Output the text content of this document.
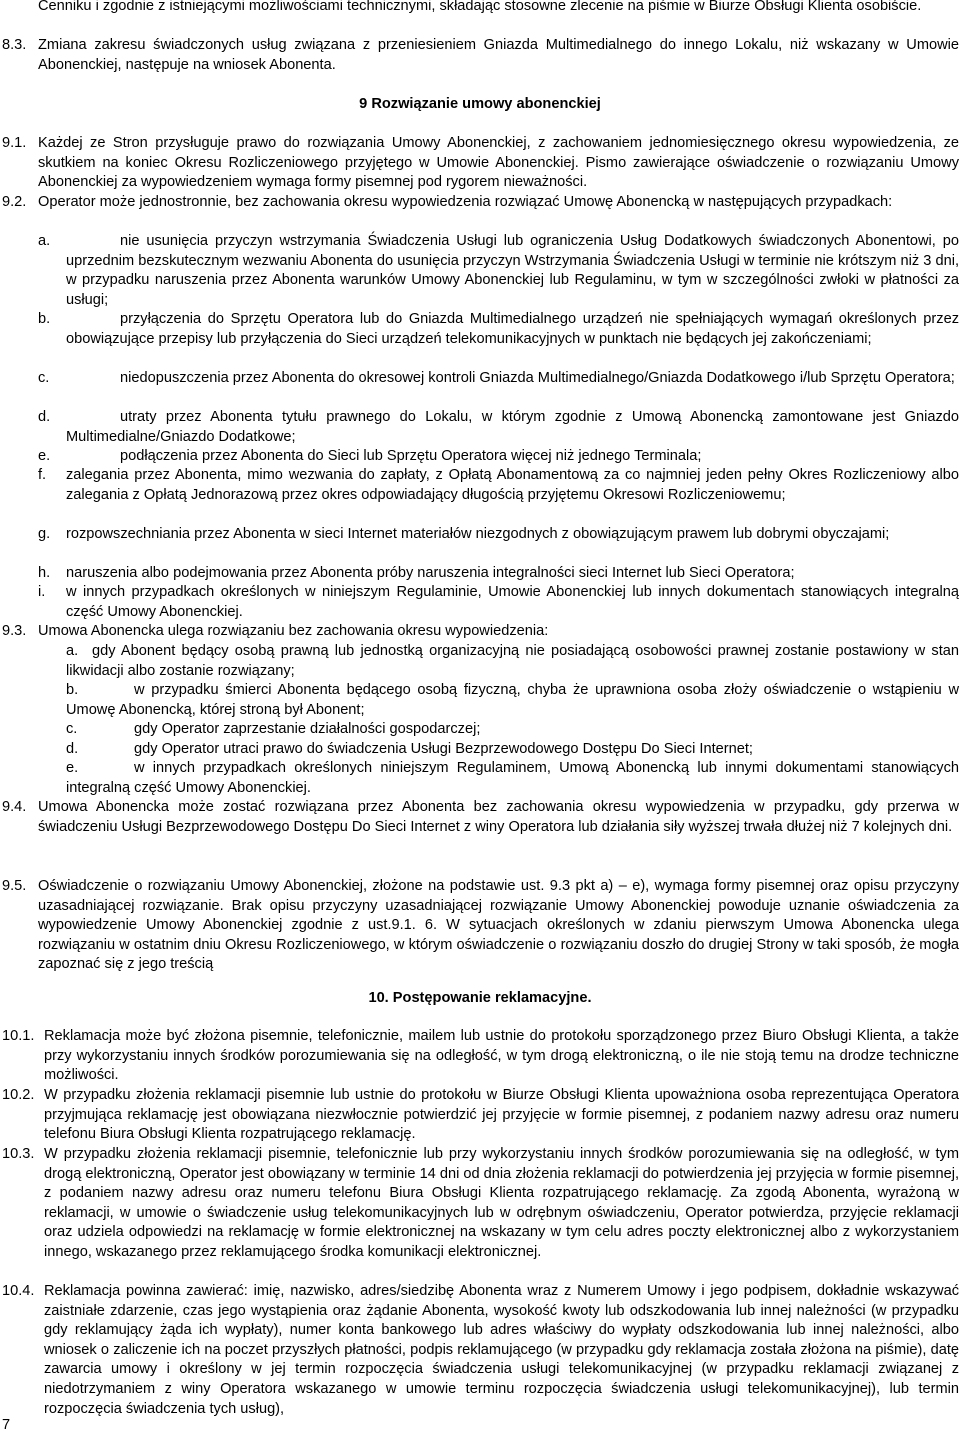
Cenniku i zgodnie z istniejącymi możliwościami technicznymi, składając stosowne zlecenie na piśmie w Biurze Obsługi Klienta osobiście.
8.3. Zmiana zakresu świadczonych usług związana z przeniesieniem Gniazda Multimedialnego do innego Lokalu, niż wskazany w Umowie Abonenckiej, następuje na wniosek Abonenta.
9 Rozwiązanie umowy abonenckiej
9.1. Każdej ze Stron przysługuje prawo do rozwiązania Umowy Abonenckiej, z zachowaniem jednomiesięcznego okresu wypowiedzenia, ze skutkiem na koniec Okresu Rozliczeniowego przyjętego w Umowie Abonenckiej. Pismo zawierające oświadczenie o rozwiązaniu Umowy Abonenckiej za wypowiedzeniem wymaga formy pisemnej pod rygorem nieważności.
9.2. Operator może jednostronnie, bez zachowania okresu wypowiedzenia rozwiązać Umowę Abonencką w następujących przypadkach:
a.	nie usunięcia przyczyn wstrzymania Świadczenia Usługi lub ograniczenia Usług Dodatkowych świadczonych Abonentowi, po uprzednim bezskutecznym wezwaniu Abonenta do usunięcia przyczyn Wstrzymania Świadczenia Usługi w terminie nie krótszym niż 3 dni, w przypadku naruszenia przez Abonenta warunków Umowy Abonenckiej lub Regulaminu, w tym w szczególności zwłoki w płatności za usługi;
b.	przyłączenia do Sprzętu Operatora lub do Gniazda Multimedialnego urządzeń nie spełniających wymagań określonych przez obowiązujące przepisy lub przyłączenia do Sieci urządzeń telekomunikacyjnych w punktach nie będących jej zakończeniami;
c.	niedopuszczenia przez Abonenta do okresowej kontroli Gniazda Multimedialnego/Gniazda Dodatkowego i/lub Sprzętu Operatora;
d.	utraty przez Abonenta tytułu prawnego do Lokalu, w którym zgodnie z Umową Abonencką zamontowane jest Gniazdo Multimedialne/Gniazdo Dodatkowe;
e.	podłączenia przez Abonenta do Sieci lub Sprzętu Operatora więcej niż jednego Terminala;
f. zalegania przez Abonenta, mimo wezwania do zapłaty, z Opłatą Abonamentową za co najmniej jeden pełny Okres Rozliczeniowy albo zalegania z Opłatą Jednorazową przez okres odpowiadający długością przyjętemu Okresowi Rozliczeniowemu;
g. rozpowszechniania przez Abonenta w sieci Internet materiałów niezgodnych z obowiązującym prawem lub dobrymi obyczajami;
h. naruszenia albo podejmowania przez Abonenta próby naruszenia integralności sieci Internet lub Sieci Operatora;
i. w innych przypadkach określonych w niniejszym Regulaminie, Umowie Abonenckiej lub innych dokumentach stanowiących integralną część Umowy Abonenckiej.
9.3. Umowa Abonencka ulega rozwiązaniu bez zachowania okresu wypowiedzenia:
a. gdy Abonent będący osobą prawną lub jednostką organizacyjną nie posiadającą osobowości prawnej zostanie postawiony w stan likwidacji albo zostanie rozwiązany;
b.	w przypadku śmierci Abonenta będącego osobą fizyczną, chyba że uprawniona osoba złoży oświadczenie o wstąpieniu w Umowę Abonencką, której stroną był Abonent;
c.	gdy Operator zaprzestanie działalności gospodarczej;
d.	gdy Operator utraci prawo do świadczenia Usługi Bezprzewodowego Dostępu Do Sieci Internet;
e.	w innych przypadkach określonych niniejszym Regulaminem, Umową Abonencką lub innymi dokumentami stanowiących integralną część Umowy Abonenckiej.
9.4. Umowa Abonencka może zostać rozwiązana przez Abonenta bez zachowania okresu wypowiedzenia w przypadku, gdy przerwa w świadczeniu Usługi Bezprzewodowego Dostępu Do Sieci Internet z winy Operatora lub działania siły wyższej trwała dłużej niż 7 kolejnych dni.
9.5. Oświadczenie o rozwiązaniu Umowy Abonenckiej, złożone na podstawie ust. 9.3 pkt a) – e), wymaga formy pisemnej oraz opisu przyczyny uzasadniającej rozwiązanie. Brak opisu przyczyny uzasadniającej rozwiązanie Umowy Abonenckiej powoduje uznanie oświadczenia za wypowiedzenie Umowy Abonenckiej zgodnie z ust.9.1. 6. W sytuacjach określonych w zdaniu pierwszym Umowa Abonencka ulega rozwiązaniu w ostatnim dniu Okresu Rozliczeniowego, w którym oświadczenie o rozwiązaniu doszło do drugiej Strony w taki sposób, że mogła zapoznać się z jego treścią
10. Postępowanie reklamacyjne.
10.1. Reklamacja może być złożona pisemnie, telefonicznie, mailem lub ustnie do protokołu sporządzonego przez Biuro Obsługi Klienta, a także przy wykorzystaniu innych środków porozumiewania się na odległość, w tym drogą elektroniczną, o ile nie stoją temu na drodze techniczne możliwości.
10.2. W przypadku złożenia reklamacji pisemnie lub ustnie do protokołu w Biurze Obsługi Klienta upoważniona osoba reprezentująca Operatora przyjmująca reklamację jest obowiązana niezwłocznie potwierdzić jej przyjęcie w formie pisemnej, z podaniem nazwy adresu oraz numeru telefonu Biura Obsługi Klienta rozpatrującego reklamację.
10.3. W przypadku złożenia reklamacji pisemnie, telefonicznie lub przy wykorzystaniu innych środków porozumiewania się na odległość, w tym drogą elektroniczną, Operator jest obowiązany w terminie 14 dni od dnia złożenia reklamacji do potwierdzenia jej przyjęcia w formie pisemnej, z podaniem nazwy adresu oraz numeru telefonu Biura Obsługi Klienta rozpatrującego reklamację. Za zgodą Abonenta, wyrażoną w reklamacji, w umowie o świadczenie usług telekomunikacyjnych lub w odrębnym oświadczeniu, Operator potwierdza, przyjęcie reklamacji oraz udziela odpowiedzi na reklamację w formie elektronicznej na wskazany w tym celu adres poczty elektronicznej albo z wykorzystaniem innego, wskazanego przez reklamującego środka komunikacji elektronicznej.
10.4. Reklamacja powinna zawierać: imię, nazwisko, adres/siedzibę Abonenta wraz z Numerem Umowy i jego podpisem, dokładnie wskazywać zaistniałe zdarzenie, czas jego wystąpienia oraz żądanie Abonenta, wysokość kwoty lub odszkodowania lub innej należności (w przypadku gdy reklamujący żąda ich wypłaty), numer konta bankowego lub adres właściwy do wypłaty odszkodowania lub innej należności, albo wniosek o zaliczenie ich na poczet przyszłych płatności, podpis reklamującego (w przypadku gdy reklamacja została złożona na piśmie), datę zawarcia umowy i określony w jej termin rozpoczęcia świadczenia usługi telekomunikacyjnej (w przypadku reklamacji związanej z niedotrzymaniem z winy Operatora wskazanego w umowie terminu rozpoczęcia świadczenia usługi telekomunikacyjnej), lub termin rozpoczęcia świadczenia tych usług),
7
